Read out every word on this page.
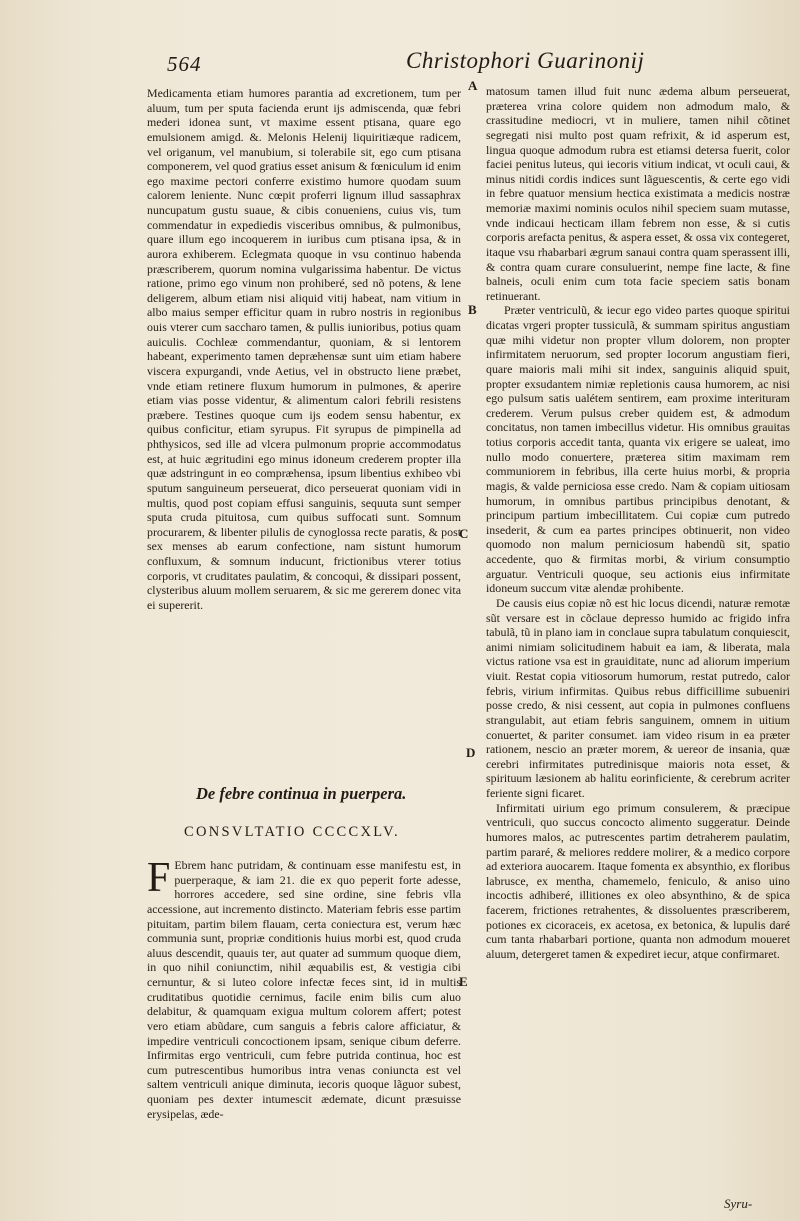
564	Christophori Guarinonij

Medicamenta etiam humores parantia ad excretionem, tum per aluum, tum per sputa facienda erunt ijs admiscenda, quæ febri mederi idonea sunt, vt maxime essent ptisana, quare ego emulsionem amigd. &. Melonis Helenij liquiritiæque radicem, vel origanum, vel manubium, si tolerabile sit, ego cum ptisana componerem, vel quod gratius esset anisum & fœniculum id enim ego maxime pectori conferre existimo humore quodam suum calorem leniente. Nunc cœpit proferri lignum illud sassaphrax nuncupatum gustu suaue, & cibis conueniens, cuius vis, tum commendatur in expediedis visceribus omnibus, & pulmonibus, quare illum ego incoquerem in iuribus cum ptisana ipsa, & in aurora exhiberem. Eclegmata quoque in vsu continuo habenda præscriberem, quorum nomina vulgarissima habentur. De victus ratione, primo ego vinum non prohiberé, sed nõ potens, & lene deligerem, album etiam nisi aliquid vitij habeat, nam vitium in albo maius semper efficitur quam in rubro nostris in regionibus ouis vterer cum saccharo tamen, & pullis iunioribus, potius quam auiculis. Cochleæ commendantur, quoniam, & si lentorem habeant, experimento tamen depræhensæ sunt uim etiam habere viscera expurgandi, vnde Aetius, vel in obstructo liene præbet, vnde etiam retinere fluxum humorum in pulmones, & aperire etiam vias posse videntur, & alimentum calori febrili resistens præbere. Testines quoque cum ijs eodem sensu habentur, ex quibus conficitur, etiam syrupus. Fit syrupus de pimpinella ad phthysicos, sed ille ad vlcera pulmonum proprie accommodatus est, at huic ægritudini ego minus idoneum crederem propter illa quæ adstringunt in eo compræhensa, ipsum libentius exhibeo vbi sputum sanguineum perseuerat, dico perseuerat quoniam vidi in multis, quod post copiam effusi sanguinis, sequuta sunt semper sputa cruda pituitosa, cum quibus suffocati sunt. Somnum procurarem, & libenter pilulis de cynoglossa recte paratis, & post sex menses ab earum confectione, nam sistunt humorum confluxum, & somnum inducunt, frictionibus vterer totius corporis, vt cruditates paulatim, & concoqui, & dissipari possent, clysteribus aluum mollem seruarem, & sic me gererem donec vita ei supererit.

De febre continua in puerpera.
CONSVLTATIO CCCCXLV.

F Ebrem hanc putridam, & continuam esse manifestu est, in puerperaque, & iam 21. die ex quo peperit forte adesse, horrores accedere, sed sine ordine, sine febris vlla accessione, aut incremento distincto. Materiam febris esse partim pituitam, partim bilem flauam, certa coniectura est, verum hæc communia sunt, propriæ conditionis huius morbi est, quod cruda aluus descendit, quauis ter, aut quater ad summum quoque diem, in quo nihil coniunctim, nihil æquabilis est, & vestigia cibi cernuntur, & si luteo colore infectæ feces sint, id in multis cruditatibus quotidie cernimus, facile enim bilis cum aluo delabitur, & quamquam exigua multum colorem affert; potest vero etiam abũdare, cum sanguis a febris calore afficiatur, & impedire ventriculi concoctionem ipsam, senique cibum deferre. Infirmitas ergo ventriculi, cum febre putrida continua, hoc est cum putrescentibus humoribus intra venas coniuncta est vel saltem ventriculi anique diminuta, iecoris quoque lãguor subest, quoniam pes dexter intumescit ædemate, dicunt præsuisse erysipelas, æde-

matosum tamen illud fuit nunc ædema album perseuerat, præterea vrina colore quidem non admodum malo, & crassitudine mediocri, vt in muliere, tamen nihil cõtinet segregati nisi multo post quam refrixit, & id asperum est, lingua quoque admodum rubra est etiamsi detersa fuerit, color faciei penitus luteus, qui iecoris vitium indicat, vt oculi caui, & minus nitidi cordis indices sunt lãguescentis, & certe ego vidi in febre quatuor mensium hectica existimata a medicis nostræ memoriæ maximi nominis oculos nihil speciem suam mutasse, vnde indicaui hecticam illam febrem non esse, & si cutis corporis arefacta penitus, & aspera esset, & ossa vix contegeret, itaque vsu rhabarbari ægrum sanaui contra quam sperassent illi, & contra quam curare consuluerint, nempe fine lacte, & fine balneis, oculi enim cum tota facie speciem satis bonam retinuerant.

Præter ventriculũ, & iecur ego video partes quoque spiritui dicatas vrgeri propter tussiculã, & summam spiritus angustiam quæ mihi videtur non propter vllum dolorem, non propter infirmitatem neruorum, sed propter locorum angustiam fieri, quare maioris mali mihi sit index, sanguinis aliquid spuit, propter exsudantem nimiæ repletionis causa humorem, ac nisi ego pulsum satis ualétem sentirem, eam proxime interituram crederem. Verum pulsus creber quidem est, & admodum concitatus, non tamen imbecillus videtur. His omnibus grauitas totius corporis accedit tanta, quanta vix erigere se ualeat, imo nullo modo conuertere, præterea sitim maximam rem communiorem in febribus, illa certe huius morbi, & propria magis, & valde perniciosa esse credo. Nam & copiam uitiosam humorum, in omnibus partibus principibus denotant, & principum partium imbecillitatem. Cui copiæ cum putredo insederit, & cum ea partes principes obtinuerit, non video quomodo non malum perniciosum habendũ sit, spatio accedente, quo & firmitas morbi, & virium consumptio arguatur. Ventriculi quoque, seu actionis eius infirmitate idoneum succum vitæ alendæ prohibente.

De causis eius copiæ nõ est hic locus dicendi, naturæ remotæ sũt versare est in cõclaue depresso humido ac frigido infra tabulã, tũ in plano iam in conclaue supra tabulatum conquiescit, animi nimiam solicitudinem habuit ea iam, & liberata, mala victus ratione vsa est in grauiditate, nunc ad aliorum imperium viuit. Restat copia vitiosorum humorum, restat putredo, calor febris, virium infirmitas. Quibus rebus difficillime subueniri posse credo, & nisi cessent, aut copia in pulmones confluens strangulabit, aut etiam febris sanguinem, omnem in uitium conuertet, & pariter consumet. iam video risum in ea præter rationem, nescio an præter morem, & uereor de insania, quæ cerebri infirmitates putredinisque maioris nota esset, & spirituum læsionem ab halitu eorinficiente, & cerebrum acriter feriente signi ficaret.

Infirmitati uirium ego primum consulerem, & præcipue ventriculi, quo succus concocto alimento suggeratur. Deinde humores malos, ac putrescentes partim detraherem paulatim, partim pararé, & meliores reddere molirer, & a medico corpore ad exteriora auocarem. Itaque fomenta ex absynthio, ex floribus labrusce, ex mentha, chamemelo, feniculo, & aniso uino incoctis adhiberé, illitiones ex oleo absynthino, & de spica facerem, frictiones retrahentes, & dissoluentes præscriberem, potiones ex cicoraceis, ex acetosa, ex betonica, & lupulis daré cum tanta rhabarbari portione, quanta non admodum moueret aluum, detergeret tamen & expediret iecur, atque confirmaret.

A
B
C
D
E
Syru-
